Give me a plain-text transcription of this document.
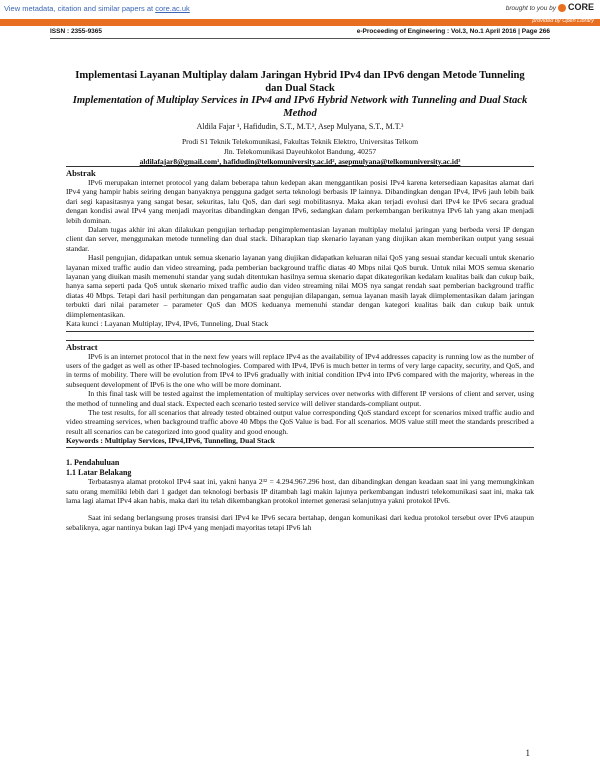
View metadata, citation and similar papers at core.ac.uk	brought to you by CORE
provided by Open Library
ISSN : 2355-9365	e-Proceeding of Engineering : Vol.3, No.1 April 2016 | Page 266
Implementasi Layanan Multiplay dalam Jaringan Hybrid IPv4 dan IPv6 dengan Metode Tunneling dan Dual Stack
Implementation of Multiplay Services in IPv4 and IPv6 Hybrid Network with Tunneling and Dual Stack Method
Aldila Fajar ¹, Hafidudin, S.T., M.T.², Asep Mulyana, S.T., M.T.³
Prodi S1 Teknik Telekomunikasi, Fakultas Teknik Elektro, Universitas Telkom
Jln. Telekomunikasi Dayeuhkolot Bandung, 40257
aldilafajar8@gmail.com¹, hafidudin@telkomuniversity.ac.id², asepmulyana@telkomuniversity.ac.id³
Abstrak

IPv6 merupakan internet protocol yang dalam beberapa tahun kedepan akan menggantikan posisi IPv4 karena ketersediaan kapasitas alamat dari IPv4 yang hampir habis seiring dengan banyaknya pengguna gadget serta teknologi berbasis IP lainnya. Dibandingkan dengan IPv4, IPv6 jauh lebih baik dari segi kapasitasnya yang sangat besar, sekuritas, lalu QoS, dan dari segi mobilitasnya. Maka akan terjadi evolusi dari IPv4 ke IPv6 secara gradual dengan kondisi awal IPv4 yang menjadi mayoritas dibandingkan dengan IPv6, sedangkan dalam perkembangan berikutnya IPv6 lah yang akan menjadi lebih dominan.

Dalam tugas akhir ini akan dilakukan pengujian terhadap pengimplementasian layanan multiplay melalui jaringan yang berbeda versi IP dengan client dan server, menggunakan metode tunneling dan dual stack. Diharapkan tiap skenario layanan yang diujikan akan memberikan output yang sesuai standar.

Hasil pengujian, didapatkan untuk semua skenario layanan yang diujikan didapatkan keluaran nilai QoS yang sesuai standar kecuali untuk skenario layanan mixed traffic audio dan video streaming, pada pemberian background traffic diatas 40 Mbps nilai QoS buruk. Untuk nilai MOS semua skenario layanan yang diuikan masih memenuhi standar yang sudah ditentukan hasilnya semua skenario dapat dikategorikan kedalam kualitas baik dan cukup baik, hanya sama seperti pada QoS untuk skenario mixed traffic audio dan video streaming nilai MOS nya sangat rendah saat pemberian background traffic diatas 40 Mbps. Tetapi dari hasil perhitungan dan pengamatan saat pengujian dilapangan, semua layanan masih layak diimplementasikan dalam jaringan terbukti dari nilai parameter – parameter QoS dan MOS keduanya memenuhi standar dengan kategori kualitas baik dan cukup baik untuk diimplementasikan.

Kata kunci : Layanan Multiplay, IPv4, IPv6, Tunneling, Dual Stack
Abstract

IPv6 is an internet protocol that in the next few years will replace IPv4 as the availability of IPv4 addresses capacity is running low as the number of users of the gadget as well as other IP-based technologies. Compared with IPv4, IPv6 is much better in terms of very large capacity, security, and QoS, and in terms of mobility. There will be evolution from IPv4 to IPv6 gradually with initial condition IPv4 into IPv6 compared with the majority, whereas in the subsequent development of IPv6 is the one who will be more dominant.

In this final task will be tested against the implementation of multiplay services over networks with different IP versions of client and server, using the method of tunneling and dual stack. Expected each scenario tested service will deliver standards-compliant output.

The test results, for all scenarios that already tested obtained output value corresponding QoS standard except for scenarios mixed traffic audio and video streaming services, when background traffic above 40 Mbps the QoS Value is bad. For all scenarios. MOS value still meet the standards prescribed a result all scenarios can be categorized into good quality and good enough.

Keywords : Multiplay Services, IPv4,IPv6, Tunneling, Dual Stack
1. Pendahuluan
1.1 Latar Belakang

Terbatasnya alamat protokol IPv4 saat ini, yakni hanya 2³² = 4.294.967.296 host, dan dibandingkan dengan keadaan saat ini yang memungkinkan satu orang memiliki lebih dari 1 gadget dan teknologi berbasis IP ditambah lagi makin lajunya perkembangan industri telekomunikasi saat ini, maka tak lama lagi alamat IPv4 akan habis, maka dari itu telah dikembangkan protokol internet generasi selanjutnya yakni protokol IPv6.

Saat ini sedang berlangsung proses transisi dari IPv4 ke IPv6 secara bertahap, dengan komunikasi dari kedua protokol tersebut over IPv6 ataupun sebaliknya, agar nantinya bukan lagi IPv4 yang menjadi mayoritas tetapi IPv6 lah

1
